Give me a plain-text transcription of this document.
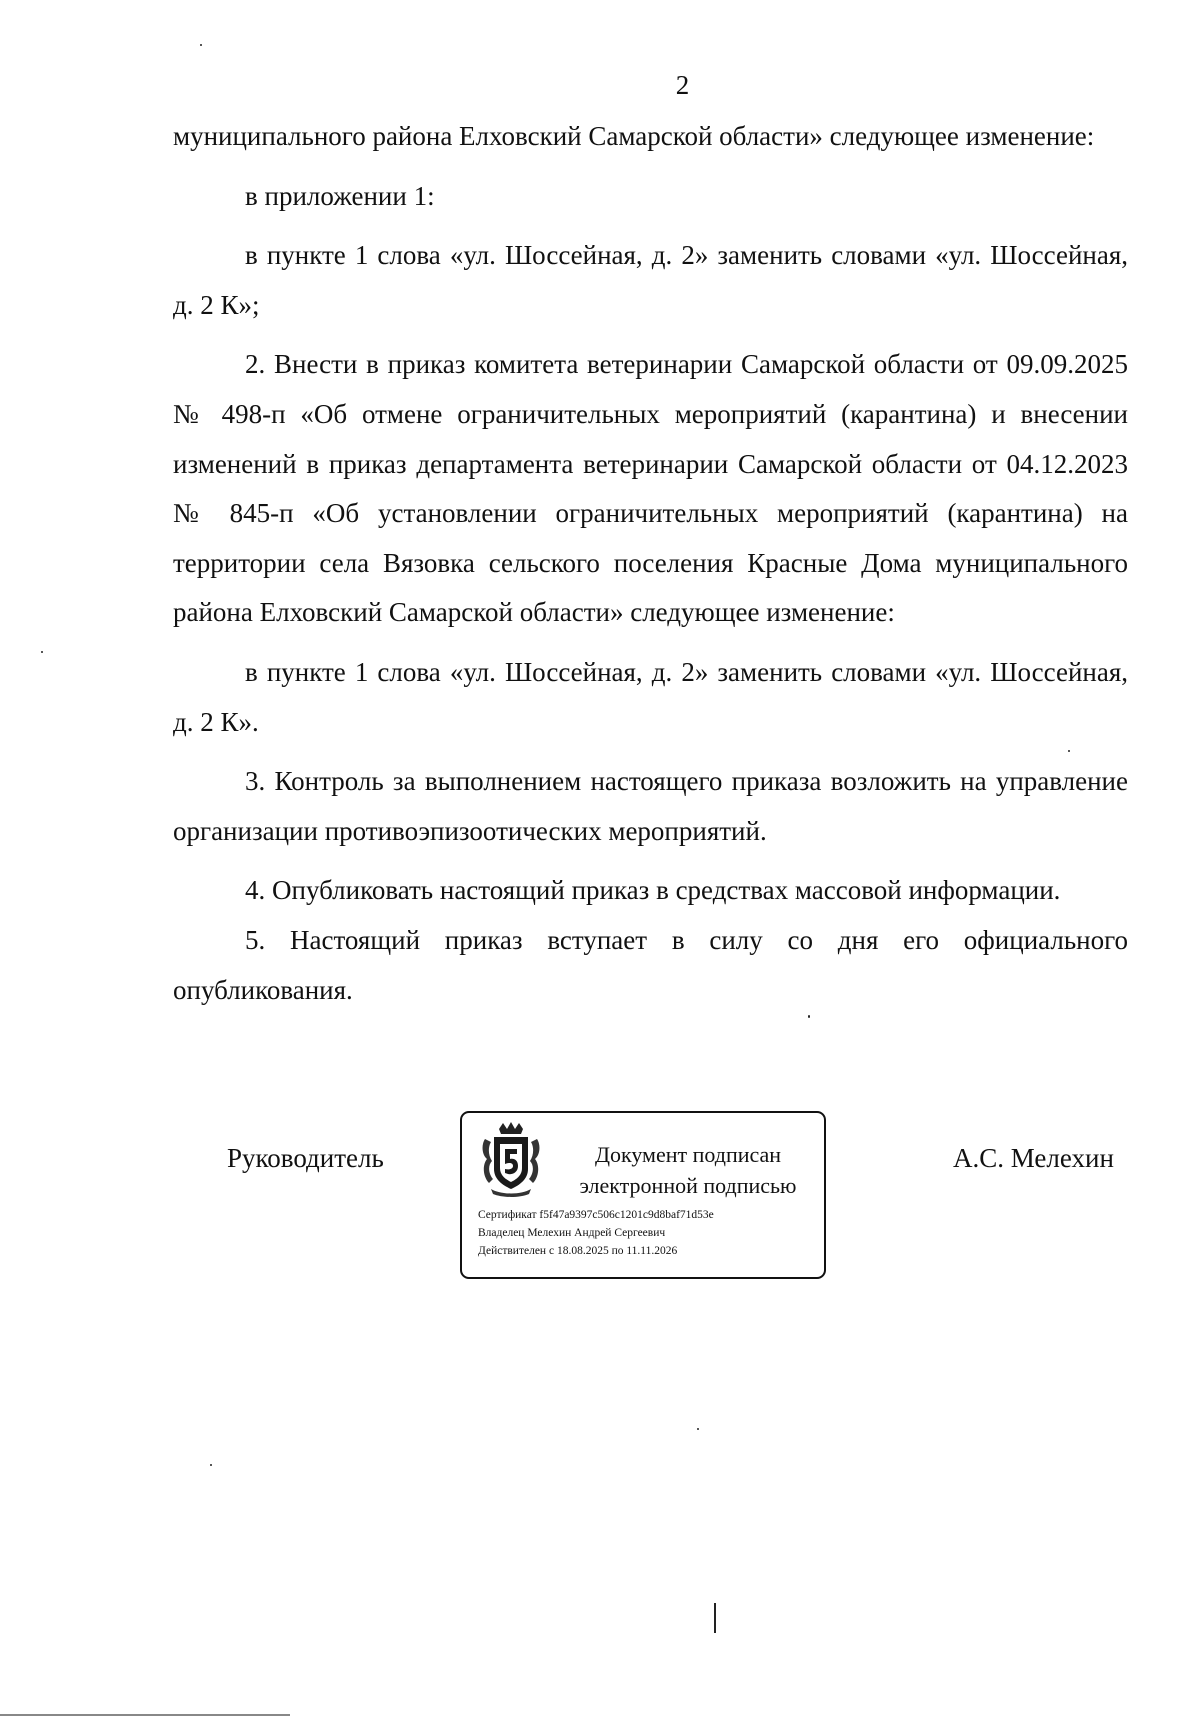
2

муниципального района Елховский Самарской области» следующее изменение:

в приложении 1:

в пункте 1 слова «ул. Шоссейная, д. 2» заменить словами «ул. Шоссейная, д. 2 К»;

2. Внести в приказ комитета ветеринарии Самарской области от 09.09.2025 № 498-п «Об отмене ограничительных мероприятий (карантина) и внесении изменений в приказ департамента ветеринарии Самарской области от 04.12.2023 № 845-п «Об установлении ограничительных мероприятий (карантина) на территории села Вязовка сельского поселения Красные Дома муниципального района Елховский Самарской области» следующее изменение:

в пункте 1 слова «ул. Шоссейная, д. 2» заменить словами «ул. Шоссейная, д. 2 К».

3. Контроль за выполнением настоящего приказа возложить на управление организации противоэпизоотических мероприятий.

4. Опубликовать настоящий приказ в средствах массовой информации.

5. Настоящий приказ вступает в силу со дня его официального опубликования.

Руководитель	Документ подписан
электронной подписью
Сертификат f5f47a9397c506c1201c9d8baf71d53e
Владелец Мелехин Андрей Сергеевич
Действителен с 18.08.2025 по 11.11.2026
А.С. Мелехин
